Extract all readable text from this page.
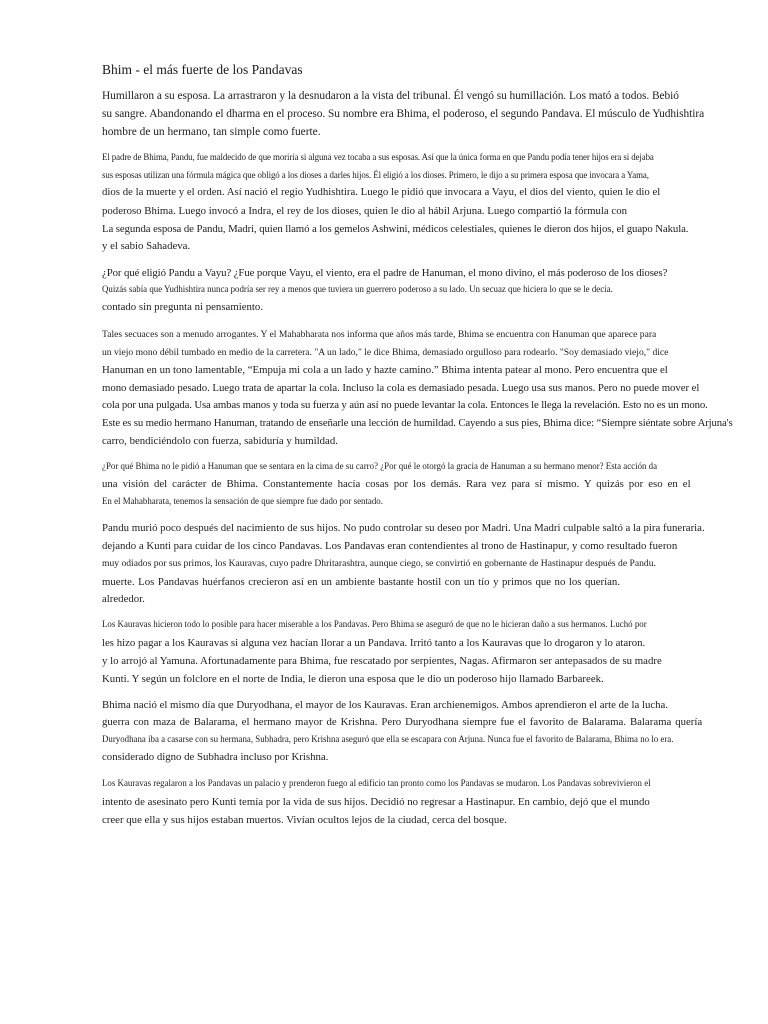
Bhim - el más fuerte de los Pandavas
Humillaron a su esposa. La arrastraron y la desnudaron a la vista del tribunal. Él vengó su humillación. Los mató a todos. Bebió
su sangre. Abandonando el dharma en el proceso. Su nombre era Bhima, el poderoso, el segundo Pandava. El músculo de Yudhishtira
hombre de un hermano, tan simple como fuerte.
El padre de Bhima, Pandu, fue maldecido de que moriría si alguna vez tocaba a sus esposas. Así que la única forma en que Pandu podía tener hijos era si dejaba
sus esposas utilizan una fórmula mágica que obligó a los dioses a darles hijos. Él eligió a los dioses. Primero, le dijo a su primera esposa que invocara a Yama,
dios de la muerte y el orden. Así nació el regio Yudhishtira. Luego le pidió que invocara a Vayu, el dios del viento, quien le dio el
poderoso Bhima. Luego invocó a Indra, el rey de los dioses, quien le dio al hábil Arjuna. Luego compartió la fórmula con
La segunda esposa de Pandu, Madri, quien llamó a los gemelos Ashwini, médicos celestiales, quienes le dieron dos hijos, el guapo Nakula.
y el sabio Sahadeva.
¿Por qué eligió Pandu a Vayu? ¿Fue porque Vayu, el viento, era el padre de Hanuman, el mono divino, el más poderoso de los dioses?
Quizás sabía que Yudhishtira nunca podría ser rey a menos que tuviera un guerrero poderoso a su lado. Un secuaz que hiciera lo que se le decía.
contado sin pregunta ni pensamiento.
Tales secuaces son a menudo arrogantes. Y el Mahabharata nos informa que años más tarde, Bhima se encuentra con Hanuman que aparece para
un viejo mono débil tumbado en medio de la carretera. "A un lado," le dice Bhima, demasiado orgulloso para rodearlo. "Soy demasiado viejo," dice
Hanuman en un tono lamentable, “Empuja mi cola a un lado y hazte camino.” Bhima intenta patear al mono. Pero encuentra que el
mono demasiado pesado. Luego trata de apartar la cola. Incluso la cola es demasiado pesada. Luego usa sus manos. Pero no puede mover el
cola por una pulgada. Usa ambas manos y toda su fuerza y aún así no puede levantar la cola. Entonces le llega la revelación. Esto no es un mono.
Este es su medio hermano Hanuman, tratando de enseñarle una lección de humildad. Cayendo a sus pies, Bhima dice: “Siempre siéntate sobre Arjuna's
carro, bendiciéndolo con fuerza, sabiduría y humildad.
¿Por qué Bhima no le pidió a Hanuman que se sentara en la cima de su carro? ¿Por qué le otorgó la gracia de Hanuman a su hermano menor? Esta acción da
una visión del carácter de Bhima. Constantemente hacía cosas por los demás. Rara vez para sí mismo. Y quizás por eso en el
En el Mahabharata, tenemos la sensación de que siempre fue dado por sentado.
Pandu murió poco después del nacimiento de sus hijos. No pudo controlar su deseo por Madri. Una Madri culpable saltó a la pira funeraria.
dejando a Kunti para cuidar de los cinco Pandavas. Los Pandavas eran contendientes al trono de Hastinapur, y como resultado fueron
muy odiados por sus primos, los Kauravas, cuyo padre Dhritarashtra, aunque ciego, se convirtió en gobernante de Hastinapur después de Pandu.
muerte. Los Pandavas huérfanos crecieron así en un ambiente bastante hostil con un tío y primos que no los querían.
alrededor.
Los Kauravas hicieron todo lo posible para hacer miserable a los Pandavas. Pero Bhima se aseguró de que no le hicieran daño a sus hermanos. Luchó por
les hizo pagar a los Kauravas si alguna vez hacían llorar a un Pandava. Irritó tanto a los Kauravas que lo drogaron y lo ataron.
y lo arrojó al Yamuna. Afortunadamente para Bhima, fue rescatado por serpientes, Nagas. Afirmaron ser antepasados de su madre
Kunti. Y según un folclore en el norte de India, le dieron una esposa que le dio un poderoso hijo llamado Barbareek.
Bhima nació el mismo día que Duryodhana, el mayor de los Kauravas. Eran archienemigos. Ambos aprendieron el arte de la lucha.
guerra con maza de Balarama, el hermano mayor de Krishna. Pero Duryodhana siempre fue el favorito de Balarama. Balarama quería
Duryodhana iba a casarse con su hermana, Subhadra, pero Krishna aseguró que ella se escapara con Arjuna. Nunca fue el favorito de Balarama, Bhima no lo era.
considerado digno de Subhadra incluso por Krishna.
Los Kauravas regalaron a los Pandavas un palacio y prenderon fuego al edificio tan pronto como los Pandavas se mudaron. Los Pandavas sobrevivieron el
intento de asesinato pero Kunti temía por la vida de sus hijos. Decidió no regresar a Hastinapur. En cambio, dejó que el mundo
creer que ella y sus hijos estaban muertos. Vivían ocultos lejos de la ciudad, cerca del bosque.
